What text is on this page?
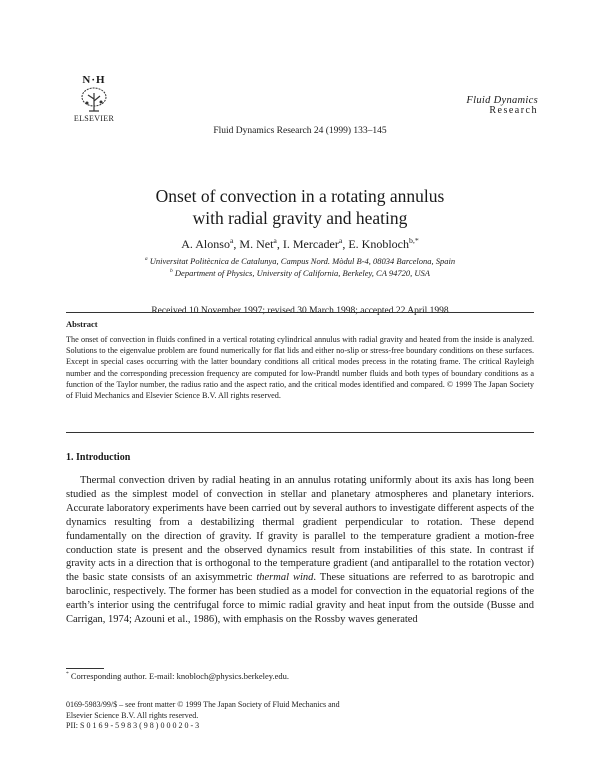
N·H
ELSEVIER
Fluid Dynamics Research 24 (1999) 133–145
Fluid Dynamics
Research
Onset of convection in a rotating annulus
with radial gravity and heating
A. Alonso$^a$, M. Net$^a$, I. Mercader$^a$, E. Knobloch$^{b,*}$
$^a$ Universitat Politècnica de Catalunya, Campus Nord. Mòdul B-4, 08034 Barcelona, Spain
$^b$ Department of Physics, University of California, Berkeley, CA 94720, USA
Received 10 November 1997; revised 30 March 1998; accepted 22 April 1998
Abstract
The onset of convection in fluids confined in a vertical rotating cylindrical annulus with radial gravity and heated from the inside is analyzed. Solutions to the eigenvalue problem are found numerically for flat lids and either no-slip or stress-free boundary conditions on these surfaces. Except in special cases occurring with the latter boundary conditions all critical modes precess in the rotating frame. The critical Rayleigh number and the corresponding precession frequency are computed for low-Prandtl number fluids and both types of boundary conditions as a function of the Taylor number, the radius ratio and the aspect ratio, and the critical modes identified and compared. © 1999 The Japan Society of Fluid Mechanics and Elsevier Science B.V. All rights reserved.
1. Introduction
Thermal convection driven by radial heating in an annulus rotating uniformly about its axis has long been studied as the simplest model of convection in stellar and planetary atmospheres and planetary interiors. Accurate laboratory experiments have been carried out by several authors to investigate different aspects of the dynamics resulting from a destabilizing thermal gradient perpendicular to rotation. These depend fundamentally on the direction of gravity. If gravity is parallel to the temperature gradient a motion-free conduction state is present and the observed dynamics result from instabilities of this state. In contrast if gravity acts in a direction that is orthogonal to the temperature gradient (and antiparallel to the rotation vector) the basic state consists of an axisymmetric thermal wind. These situations are referred to as barotropic and baroclinic, respectively. The former has been studied as a model for convection in the equatorial regions of the earth’s interior using the centrifugal force to mimic radial gravity and heat input from the outside (Busse and Carrigan, 1974; Azouni et al., 1986), with emphasis on the Rossby waves generated
* Corresponding author. E-mail: knobloch@physics.berkeley.edu.
0169-5983/99/$ – see front matter © 1999 The Japan Society of Fluid Mechanics and
Elsevier Science B.V. All rights reserved.
PII: S 0 1 6 9 - 5 9 8 3 ( 9 8 ) 0 0 0 2 0 - 3
